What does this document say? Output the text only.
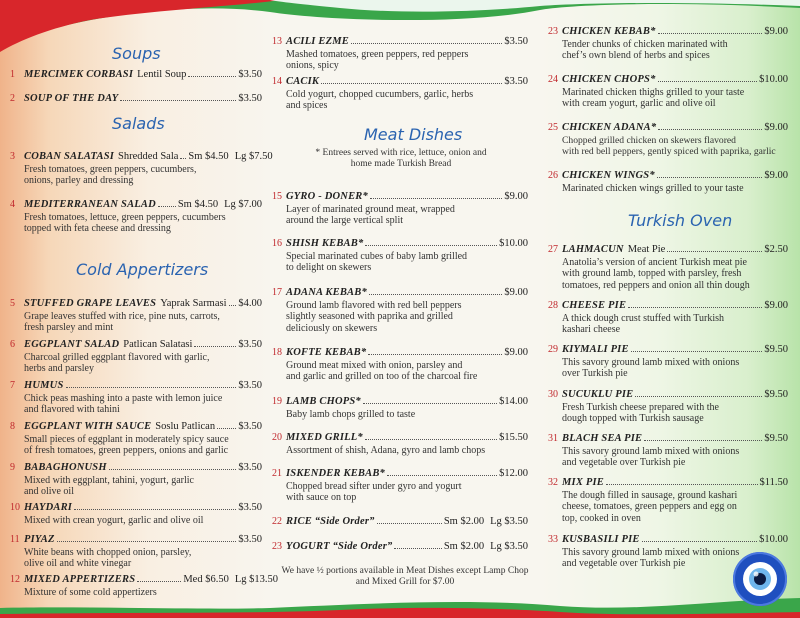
Soups
1 MERCIMEK CORBASI Lentil Soup	$3.50
2 SOUP OF THE DAY	$3.50
Salads
3 COBAN SALATASI Shredded Sala Sm $4.50 Lg $7.50
Fresh tomatoes, green peppers, cucumbers,
onions, parley and dressing
4 MEDITERRANEAN SALAD Sm $4.50 Lg $7.00
Fresh tomatoes, lettuce, green peppers, cucumbers
topped with feta cheese and dressing
Cold Appertizers
5 STUFFED GRAPE LEAVES Yaprak Sarmasi $4.00
Grape leaves stuffed with rice, pine nuts, carrots,
fresh parsley and mint
6 EGGPLANT SALAD Patlican Salatasi	$3.50
Charcoal grilled eggplant flavored with garlic,
herbs and parsley
7 HUMUS	$3.50
Chick peas mashing into a paste with lemon juice
and flavored with tahini
8 EGGPLANT WITH SAUCE Soslu Patlican $3.50
Small pieces of eggplant in moderately spicy sauce
of fresh tomatoes, green peppers, onions and garlic
9 BABAGHONUSH	$3.50
Mixed with eggplant, tahini, yogurt, garlic
and olive oil
10 HAYDARI	$3.50
Mixed with crean yogurt, garlic and olive oil
11 PIYAZ	$3.50
White beans with chopped onion, parsley,
olive oil and white vinegar
12 MIXED APPERTIZERS	Med $6.50 Lg $13.50
Mixture of some cold appertizers
13 ACILI EZME	$3.50
Mashed tomatoes, green peppers, red peppers
onions, spicy
14 CACIK	$3.50
Cold yogurt, chopped cucumbers, garlic, herbs
and spices
Meat Dishes
* Entrees served with rice, lettuce, onion and
home made Turkish Bread
15 GYRO - DONER*	$9.00
Layer of marinated ground meat, wrapped
around the large vertical split
16 SHISH KEBAB*	$10.00
Special marinated cubes of baby lamb grilled
to delight on skewers
17 ADANA KEBAB*	$9.00
Ground lamb flavored with red bell peppers
slightly seasoned with paprika and grilled
deliciously on skewers
18 KOFTE KEBAB*	$9.00
Ground meat mixed with onion, parsley and
and garlic and grilled on too of the charcoal fire
19 LAMB CHOPS*	$14.00
Baby lamb chops grilled to taste
20 MIXED GRILL*	$15.50
Assortment of shish, Adana, gyro and lamb chops
21 ISKENDER KEBAB*	$12.00
Chopped bread sifter under gyro and yogurt
with sauce on top
22 RICE “Side Order”	Sm $2.00 Lg $3.50
23 YOGURT “Side Order”	Sm $2.00 Lg $3.50
We have ½ portions available in Meat Dishes except Lamp Chop
and Mixed Grill for $7.00
23 CHICKEN KEBAB*	$9.00
Tender chunks of chicken marinated with
chef’s own blend of herbs and spices
24 CHICKEN CHOPS*	$10.00
Marinated chicken thighs grilled to your taste
with cream yogurt, garlic and olive oil
25 CHICKEN ADANA*	$9.00
Chopped grilled chicken on skewers flavored
with red bell peppers, gently spiced with paprika, garlic
26 CHICKEN WINGS*	$9.00
Marinated chicken wings grilled to your taste
Turkish Oven
27 LAHMACUN Meat Pie	$2.50
Anatolia’s version of ancient Turkish meat pie
with ground lamb, topped with parsley, fresh
tomatoes, red peppers and onion all thin dough
28 CHEESE PIE	$9.00
A thick dough crust stuffed with Turkish
kashari cheese
29 KIYMALI PIE	$9.50
This savory ground lamb mixed with onions
over Turkish pie
30 SUCUKLU PIE	$9.50
Fresh Turkish cheese prepared with the
dough topped with Turkish sausage
31 BLACH SEA PIE	$9.50
This savory ground lamb mixed with onions
and vegetable over Turkish pie
32 MIX PIE	$11.50
The dough filled in sausage, ground kashari
cheese, tomatoes, green peppers and egg on
top, cooked in oven
33 KUSBASILI PIE	$10.00
This savory ground lamb mixed with onions
and vegetable over Turkish pie
